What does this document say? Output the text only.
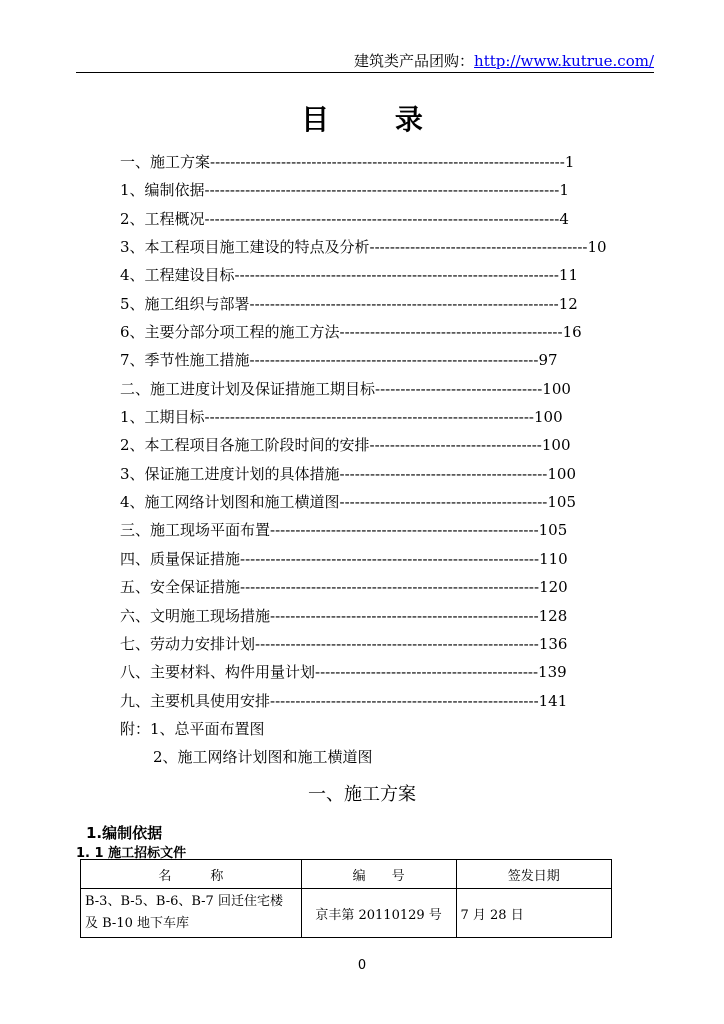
建筑类产品团购：http://www.kutrue.com/
目 录
一、施工方案----------------------------------------------------------------------1
1、编制依据----------------------------------------------------------------------1
2、工程概况----------------------------------------------------------------------4
3、本工程项目施工建设的特点及分析-------------------------------------------10
4、工程建设目标----------------------------------------------------------------11
5、施工组织与部署-------------------------------------------------------------12
6、主要分部分项工程的施工方法--------------------------------------------16
7、季节性施工措施---------------------------------------------------------97
二、施工进度计划及保证措施工期目标---------------------------------100
1、工期目标-----------------------------------------------------------------100
2、本工程项目各施工阶段时间的安排----------------------------------100
3、保证施工进度计划的具体措施-----------------------------------------100
4、施工网络计划图和施工横道图-----------------------------------------105
三、施工现场平面布置-----------------------------------------------------105
四、质量保证措施-----------------------------------------------------------110
五、安全保证措施-----------------------------------------------------------120
六、文明施工现场措施-----------------------------------------------------128
七、劳动力安排计划--------------------------------------------------------136
八、主要材料、构件用量计划--------------------------------------------139
九、主要机具使用安排-----------------------------------------------------141
附：1、总平面布置图
2、施工网络计划图和施工横道图
一、施工方案
1.编制依据
1. 1 施工招标文件
名　　　称	编　　号	签发日期

B-3、B-5、B-6、B-7 回迁住宅楼
及 B-10 地下车库	京丰第 20110129 号	7 月 28 日
0
